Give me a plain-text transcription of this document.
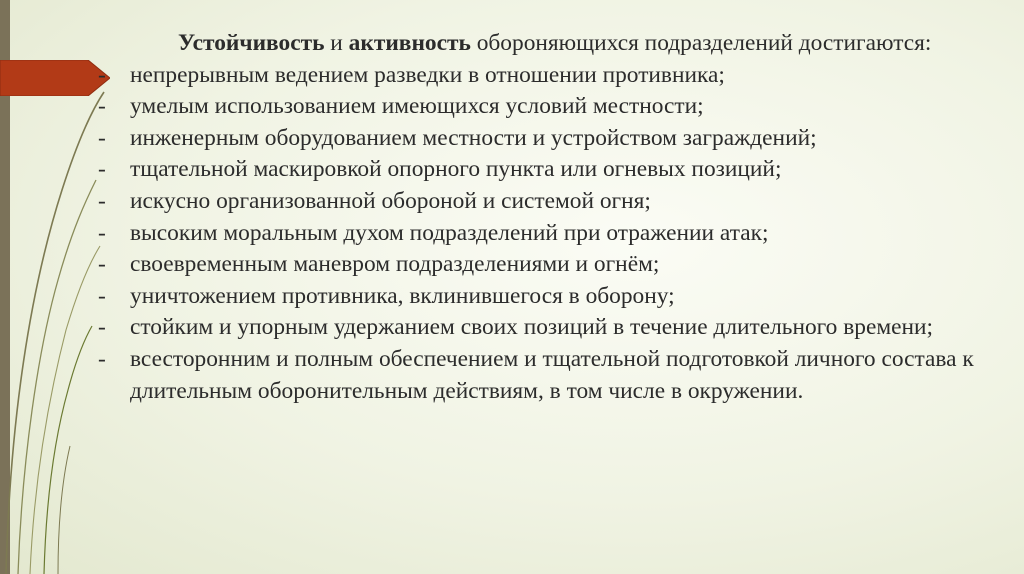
Устойчивость и активность обороняющихся подразделений достигаются:

- непрерывным ведением разведки в отношении противника;
- умелым использованием имеющихся условий местности;
- инженерным оборудованием местности и устройством заграждений;
- тщательной маскировкой опорного пункта или огневых позиций;
- искусно организованной обороной и системой огня;
- высоким моральным духом подразделений при отражении атак;
- своевременным маневром подразделениями и огнём;
- уничтожением противника, вклинившегося в оборону;
- стойким и упорным удержанием своих позиций в течение длительного времени;
- всесторонним и полным обеспечением и тщательной подготовкой личного состава к длительным оборонительным действиям, в том числе в окружении.
